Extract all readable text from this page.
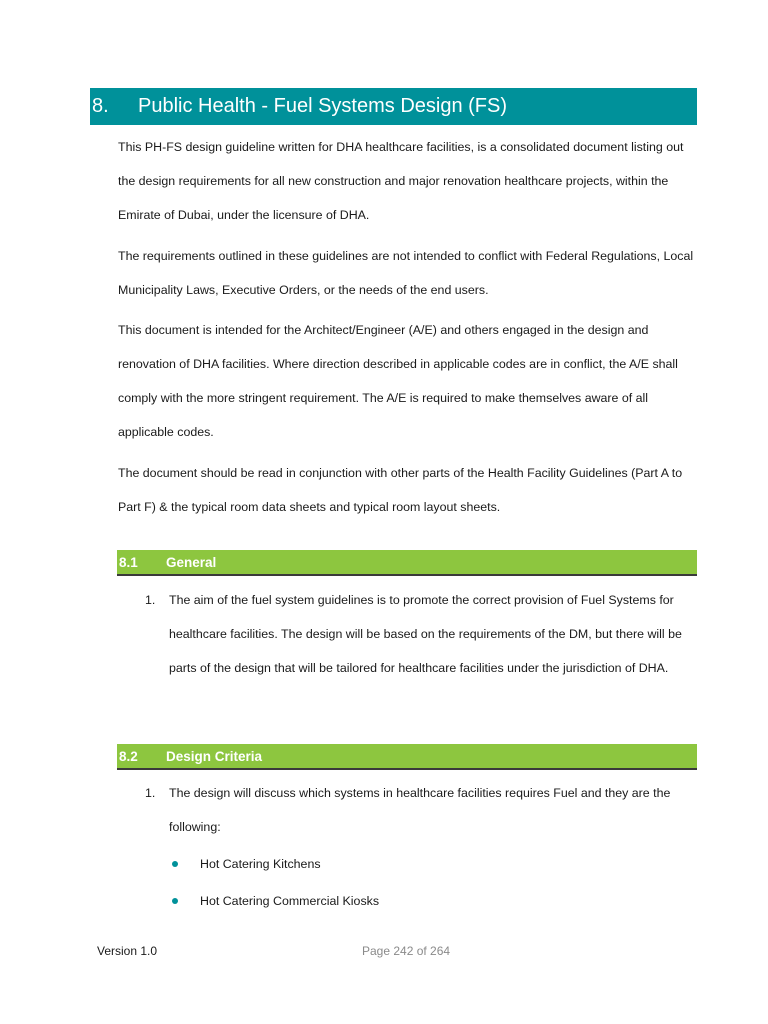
8.	Public Health - Fuel Systems Design (FS)

This PH-FS design guideline written for DHA healthcare facilities, is a consolidated document listing out the design requirements for all new construction and major renovation healthcare projects, within the Emirate of Dubai, under the licensure of DHA.

The requirements outlined in these guidelines are not intended to conflict with Federal Regulations, Local Municipality Laws, Executive Orders, or the needs of the end users.

This document is intended for the Architect/Engineer (A/E) and others engaged in the design and renovation of DHA facilities. Where direction described in applicable codes are in conflict, the A/E shall comply with the more stringent requirement. The A/E is required to make themselves aware of all applicable codes.

The document should be read in conjunction with other parts of the Health Facility Guidelines (Part A to Part F) & the typical room data sheets and typical room layout sheets.

8.1	General
1.	The aim of the fuel system guidelines is to promote the correct provision of Fuel Systems for healthcare facilities. The design will be based on the requirements of the DM, but there will be parts of the design that will be tailored for healthcare facilities under the jurisdiction of DHA.
8.2	Design Criteria
1.	The design will discuss which systems in healthcare facilities requires Fuel and they are the following:
Hot Catering Kitchens
Hot Catering Commercial Kiosks
Version 1.0	Page 242 of 264
